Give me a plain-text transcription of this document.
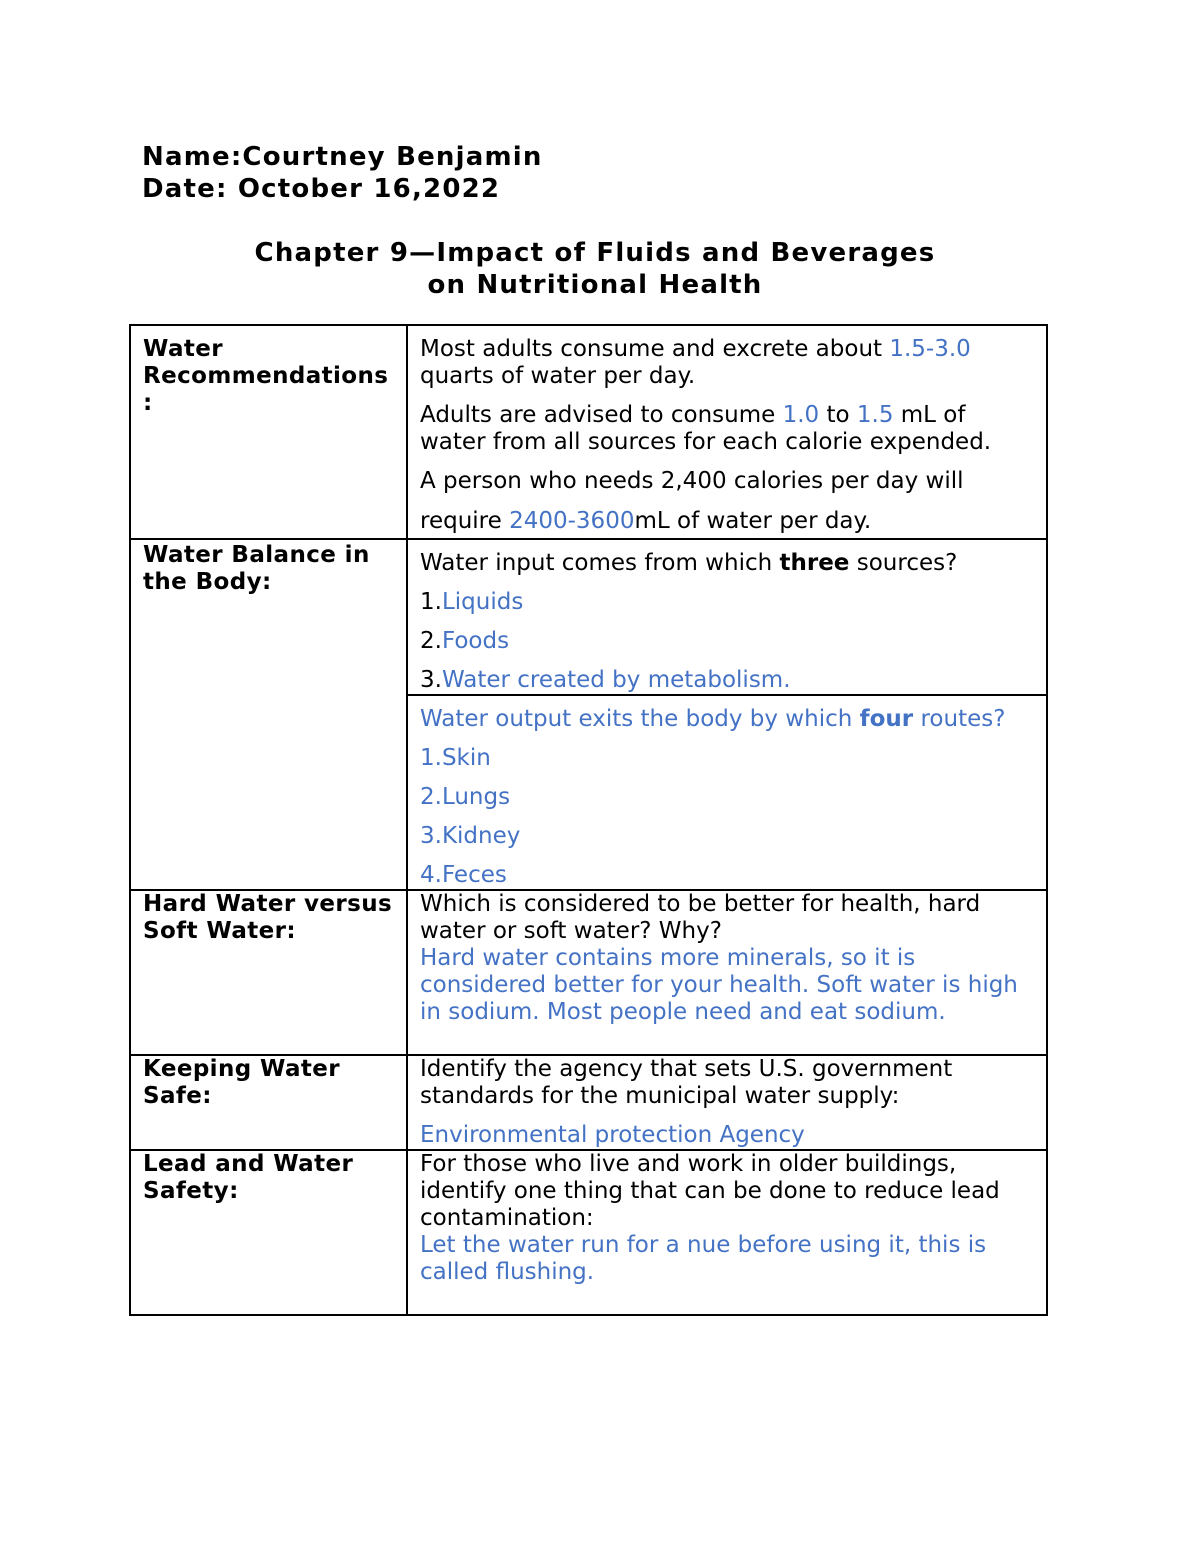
Name:Courtney Benjamin
Date: October 16,2022
Chapter 9—Impact of Fluids and Beverages
on Nutritional Health
Water Recommendations :	Most adults consume and excrete about 1.5-3.0 quarts of water per day.

Adults are advised to consume 1.0 to 1.5 mL of water from all sources for each calorie expended.

A person who needs 2,400 calories per day will

require 2400-3600mL of water per day.

Water Balance in the Body:	Water input comes from which three sources?
1.Liquids
2.Foods
3.Water created by metabolism.

	Water output exits the body by which four routes?
1.Skin
2.Lungs
3.Kidney
4.Feces

Hard Water versus Soft Water:	Which is considered to be better for health, hard water or soft water? Why?
Hard water contains more minerals, so it is considered better for your health. Soft water is high in sodium. Most people need and eat sodium.

Keeping Water Safe:	Identify the agency that sets U.S. government standards for the municipal water supply:
Environmental protection Agency

Lead and Water Safety:	For those who live and work in older buildings, identify one thing that can be done to reduce lead contamination:
Let the water run for a nue before using it, this is called flushing.
